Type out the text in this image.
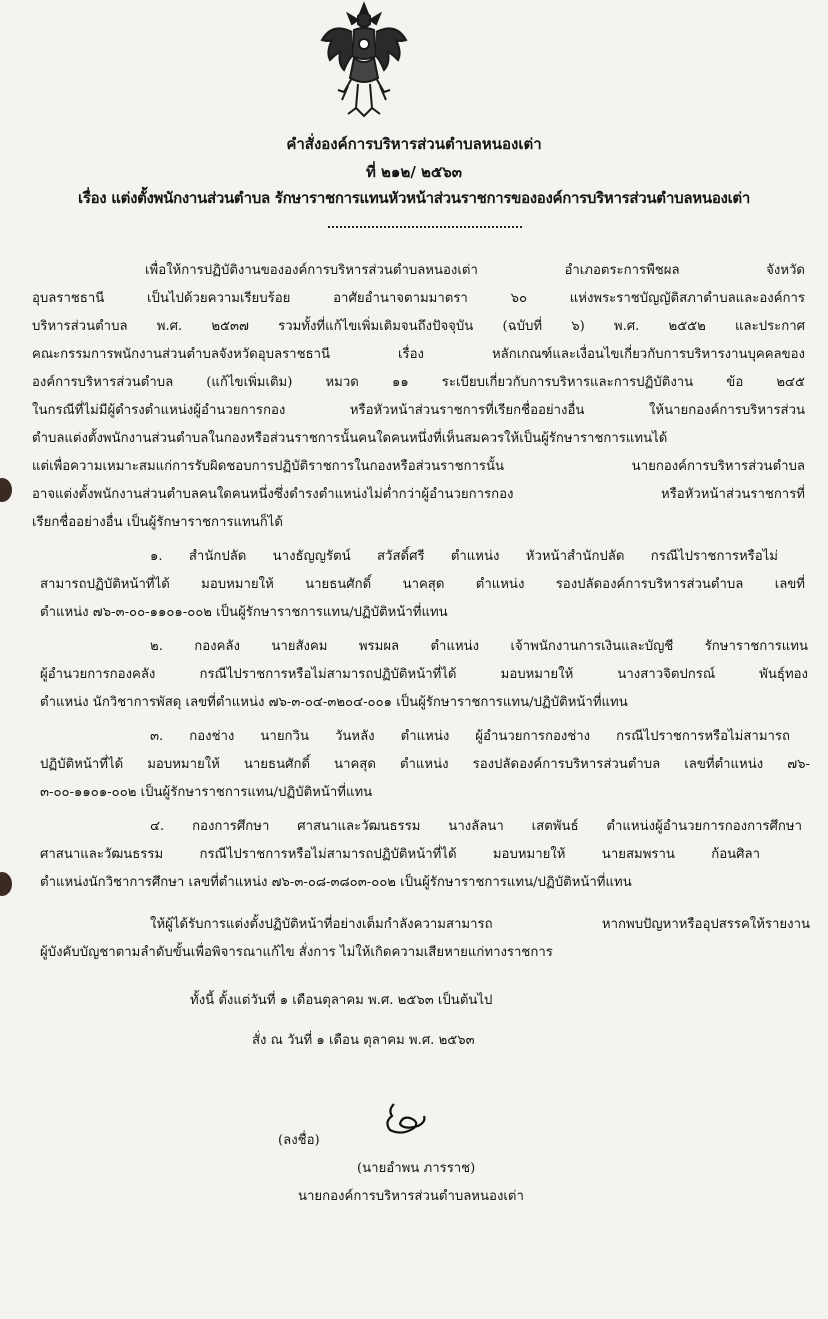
คำสั่งองค์การบริหารส่วนตำบลหนองเต่า
ที่ ๒๑๒/ ๒๕๖๓
เรื่อง แต่งตั้งพนักงานส่วนตำบล รักษาราชการแทนหัวหน้าส่วนราชการขององค์การบริหารส่วนตำบลหนองเต่า
เพื่อให้การปฏิบัติงานขององค์การบริหารส่วนตำบลหนองเต่า อำเภอตระการพืชผล จังหวัด
อุบลราชธานี เป็นไปด้วยความเรียบร้อย อาศัยอำนาจตามมาตรา ๖๐ แห่งพระราชบัญญัติสภาตำบลและองค์การ
บริหารส่วนตำบล พ.ศ. ๒๕๓๗ รวมทั้งที่แก้ไขเพิ่มเติมจนถึงปัจจุบัน (ฉบับที่ ๖) พ.ศ. ๒๕๕๒ และประกาศ
คณะกรรมการพนักงานส่วนตำบลจังหวัดอุบลราชธานี เรื่อง หลักเกณฑ์และเงื่อนไขเกี่ยวกับการบริหารงานบุคคลของ
องค์การบริหารส่วนตำบล (แก้ไขเพิ่มเติม) หมวด ๑๑ ระเบียบเกี่ยวกับการบริหารและการปฏิบัติงาน ข้อ ๒๔๕
ในกรณีที่ไม่มีผู้ดำรงตำแหน่งผู้อำนวยการกอง หรือหัวหน้าส่วนราชการที่เรียกชื่ออย่างอื่น ให้นายกองค์การบริหารส่วน
ตำบลแต่งตั้งพนักงานส่วนตำบลในกองหรือส่วนราชการนั้นคนใดคนหนึ่งที่เห็นสมควรให้เป็นผู้รักษาราชการแทนได้
แต่เพื่อความเหมาะสมแก่การรับผิดชอบการปฏิบัติราชการในกองหรือส่วนราชการนั้น นายกองค์การบริหารส่วนตำบล
อาจแต่งตั้งพนักงานส่วนตำบลคนใดคนหนึ่งซึ่งดำรงตำแหน่งไม่ต่ำกว่าผู้อำนวยการกอง หรือหัวหน้าส่วนราชการที่
เรียกชื่ออย่างอื่น เป็นผู้รักษาราชการแทนก็ได้
๑. สำนักปลัด นางธัญญรัตน์ สวัสดิ์ศรี ตำแหน่ง หัวหน้าสำนักปลัด กรณีไปราชการหรือไม่
สามารถปฏิบัติหน้าที่ได้ มอบหมายให้ นายธนศักดิ์ นาคสุด ตำแหน่ง รองปลัดองค์การบริหารส่วนตำบล เลขที่
ตำแหน่ง ๗๖-๓-๐๐-๑๑๐๑-๐๐๒ เป็นผู้รักษาราชการแทน/ปฏิบัติหน้าที่แทน
๒. กองคลัง นายสังคม พรมผล ตำแหน่ง เจ้าพนักงานการเงินและบัญชี รักษาราชการแทน
ผู้อำนวยการกองคลัง กรณีไปราชการหรือไม่สามารถปฏิบัติหน้าที่ได้ มอบหมายให้ นางสาวจิตปกรณ์ พันธุ์ทอง
ตำแหน่ง นักวิชาการพัสดุ เลขที่ตำแหน่ง ๗๖-๓-๐๔-๓๒๐๔-๐๐๑ เป็นผู้รักษาราชการแทน/ปฏิบัติหน้าที่แทน
๓. กองช่าง นายกวิน วันหลัง ตำแหน่ง ผู้อำนวยการกองช่าง กรณีไปราชการหรือไม่สามารถ
ปฏิบัติหน้าที่ได้ มอบหมายให้ นายธนศักดิ์ นาคสุด ตำแหน่ง รองปลัดองค์การบริหารส่วนตำบล เลขที่ตำแหน่ง ๗๖-
๓-๐๐-๑๑๐๑-๐๐๒ เป็นผู้รักษาราชการแทน/ปฏิบัติหน้าที่แทน
๔. กองการศึกษา ศาสนาและวัฒนธรรม นางลัลนา เสตพันธ์ ตำแหน่งผู้อำนวยการกองการศึกษา
ศาสนาและวัฒนธรรม กรณีไปราชการหรือไม่สามารถปฏิบัติหน้าที่ได้ มอบหมายให้ นายสมพราน ก้อนศิลา
ตำแหน่งนักวิชาการศึกษา เลขที่ตำแหน่ง ๗๖-๓-๐๘-๓๘๐๓-๐๐๒ เป็นผู้รักษาราชการแทน/ปฏิบัติหน้าที่แทน
ให้ผู้ได้รับการแต่งตั้งปฏิบัติหน้าที่อย่างเต็มกำลังความสามารถ หากพบปัญหาหรืออุปสรรคให้รายงาน
ผู้บังคับบัญชาตามลำดับขั้นเพื่อพิจารณาแก้ไข สั่งการ ไม่ให้เกิดความเสียหายแก่ทางราชการ
ทั้งนี้ ตั้งแต่วันที่ ๑ เดือนตุลาคม พ.ศ. ๒๕๖๓ เป็นต้นไป
สั่ง ณ วันที่ ๑ เดือน ตุลาคม พ.ศ. ๒๕๖๓
(ลงชื่อ)
(นายอำพน ภารราช)
นายกองค์การบริหารส่วนตำบลหนองเต่า
